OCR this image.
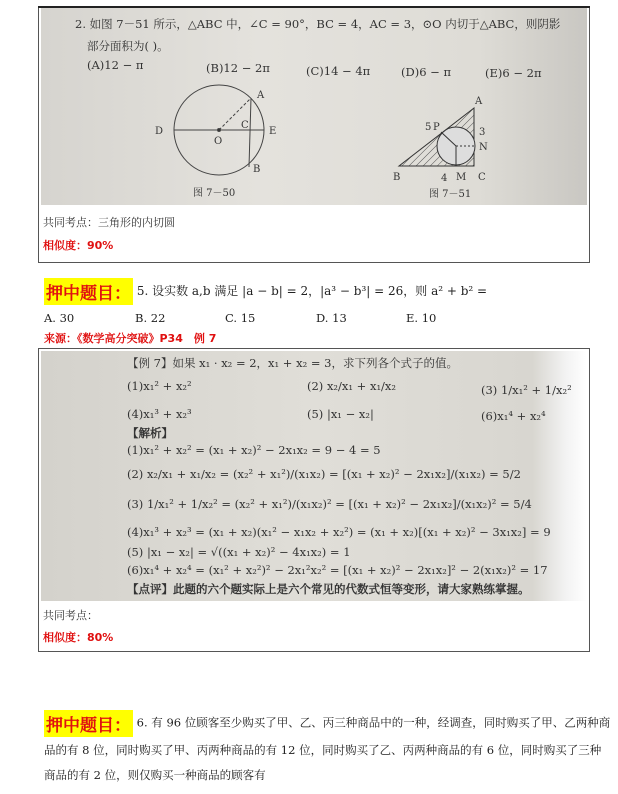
2. 如图 7－51 所示，△ABC 中，∠C = 90°，BC = 4，AC = 3，⊙O 内切于△ABC，则阴影
部分面积为( )。
(A)12 − π	(B)12 − 2π	(C)14 − 4π	(D)6 − π	(E)6 − 2π
D
O
C
A
E
B
图 7－50
A
B	C
5 P	3
N
4 M
图 7－51
共同考点：三角形的内切圆
相似度：90%
押中题目： 5. 设实数 a,b 满足 |a − b| = 2，|a³ − b³| = 26，则 a² + b² =
A. 30	B. 22	C. 15	D. 13	E. 10
来源：《数学高分突破》P34　例 7
【例 7】如果 x₁ · x₂ = 2，x₁ + x₂ = 3，求下列各个式子的值。
(1)x₁² + x₂²	(2) x₂/x₁ + x₁/x₂	(3) 1/x₁² + 1/x₂²
(4)x₁³ + x₂³	(5) |x₁ − x₂|	(6)x₁⁴ + x₂⁴
【解析】
(1)x₁² + x₂² = (x₁ + x₂)² − 2x₁x₂ = 9 − 4 = 5
(2) x₂/x₁ + x₁/x₂ = (x₂² + x₁²)/(x₁x₂) = [(x₁ + x₂)² − 2x₁x₂]/(x₁x₂) = 5/2
(3) 1/x₁² + 1/x₂² = (x₂² + x₁²)/(x₁x₂)² = [(x₁ + x₂)² − 2x₁x₂]/(x₁x₂)² = 5/4
(4)x₁³ + x₂³ = (x₁ + x₂)(x₁² − x₁x₂ + x₂²) = (x₁ + x₂)[(x₁ + x₂)² − 3x₁x₂] = 9
(5) |x₁ − x₂| = √((x₁ + x₂)² − 4x₁x₂) = 1
(6)x₁⁴ + x₂⁴ = (x₁² + x₂²)² − 2x₁²x₂² = [(x₁ + x₂)² − 2x₁x₂]² − 2(x₁x₂)² = 17
【点评】此题的六个题实际上是六个常见的代数式恒等变形，请大家熟练掌握。
共同考点：
相似度：80%
押中题目： 6. 有 96 位顾客至少购买了甲、乙、丙三种商品中的一种，经调查，同时购买了甲、乙两种商
品的有 8 位，同时购买了甲、丙两种商品的有 12 位，同时购买了乙、丙两种商品的有 6 位，同时购买了三种
商品的有 2 位，则仅购买一种商品的顾客有
